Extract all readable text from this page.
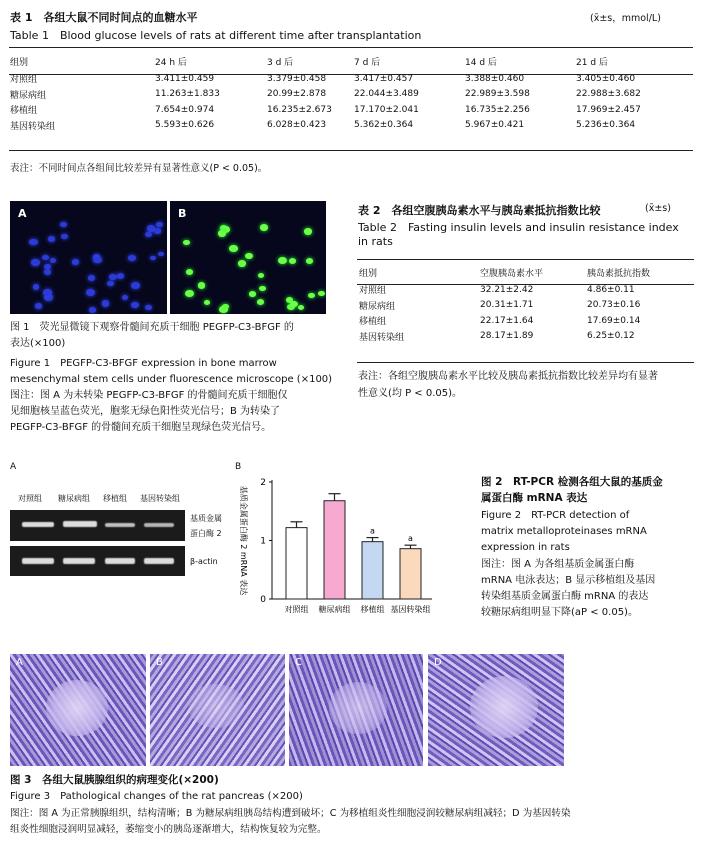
表 1　各组大鼠不同时间点的血糖水平	(x̄±s，mmol/L)
Table 1　Blood glucose levels of rats at different time after transplantation
组别	24 h 后	3 d 后	7 d 后	14 d 后	21 d 后
对照组	3.411±0.459	3.379±0.458	3.417±0.457	3.388±0.460	3.405±0.460
糖尿病组	11.263±1.833	20.99±2.878	22.044±3.489	22.989±3.598	22.988±3.682
移植组	7.654±0.974	16.235±2.673	17.170±2.041	16.735±2.256	17.969±2.457
基因转染组	5.593±0.626	6.028±0.423	5.362±0.364	5.967±0.421	5.236±0.364
表注：不同时间点各组间比较差异有显著性意义(P < 0.05)。
A	B
图 1　荧光显微镜下观察骨髓间充质干细胞 PEGFP-C3-BFGF 的
表达(×100)
Figure 1　PEGFP-C3-BFGF expression in bone marrow
mesenchymal stem cells under fluorescence microscope (×100)
图注：图 A 为未转染 PEGFP-C3-BFGF 的骨髓间充质干细胞仅
见细胞核呈蓝色荧光，胞浆无绿色阳性荧光信号；B 为转染了
PEGFP-C3-BFGF 的骨髓间充质干细胞呈现绿色荧光信号。
表 2　各组空腹胰岛素水平与胰岛素抵抗指数比较	(x̄±s)
Table 2　Fasting insulin levels and insulin resistance index
in rats
组别	空腹胰岛素水平	胰岛素抵抗指数
对照组	32.21±2.42	4.86±0.11
糖尿病组	20.31±1.71	20.73±0.16
移植组	22.17±1.64	17.69±0.14
基因转染组	28.17±1.89	6.25±0.12
表注：各组空腹胰岛素水平比较及胰岛素抵抗指数比较差异均有显著
性意义(均 P < 0.05)。
A
对照组 糖尿病组 移植组 基因转染组
基质金属
蛋白酶 2
β-actin
B
0
1
2
基质金属蛋白酶 2 mRNA 表达
对照组 糖尿病组
a
移植组
a
基因转染组
图 2　RT-PCR 检测各组大鼠的基质金
属蛋白酶 mRNA 表达
Figure 2　RT-PCR detection of
matrix metalloproteinases mRNA
expression in rats
图注：图 A 为各组基质金属蛋白酶
mRNA 电泳表达；B 显示移植组及基因
转染组基质金属蛋白酶 mRNA 的表达
较糖尿病组明显下降(aP < 0.05)。
A	B	C	D
图 3　各组大鼠胰腺组织的病理变化(×200)
Figure 3　Pathological changes of the rat pancreas (×200)
图注：图 A 为正常胰腺组织，结构清晰；B 为糖尿病组胰岛结构遭到破坏；C 为移植组炎性细胞浸润较糖尿病组减轻；D 为基因转染
组炎性细胞浸润明显减轻，萎缩变小的胰岛逐渐增大，结构恢复较为完整。
